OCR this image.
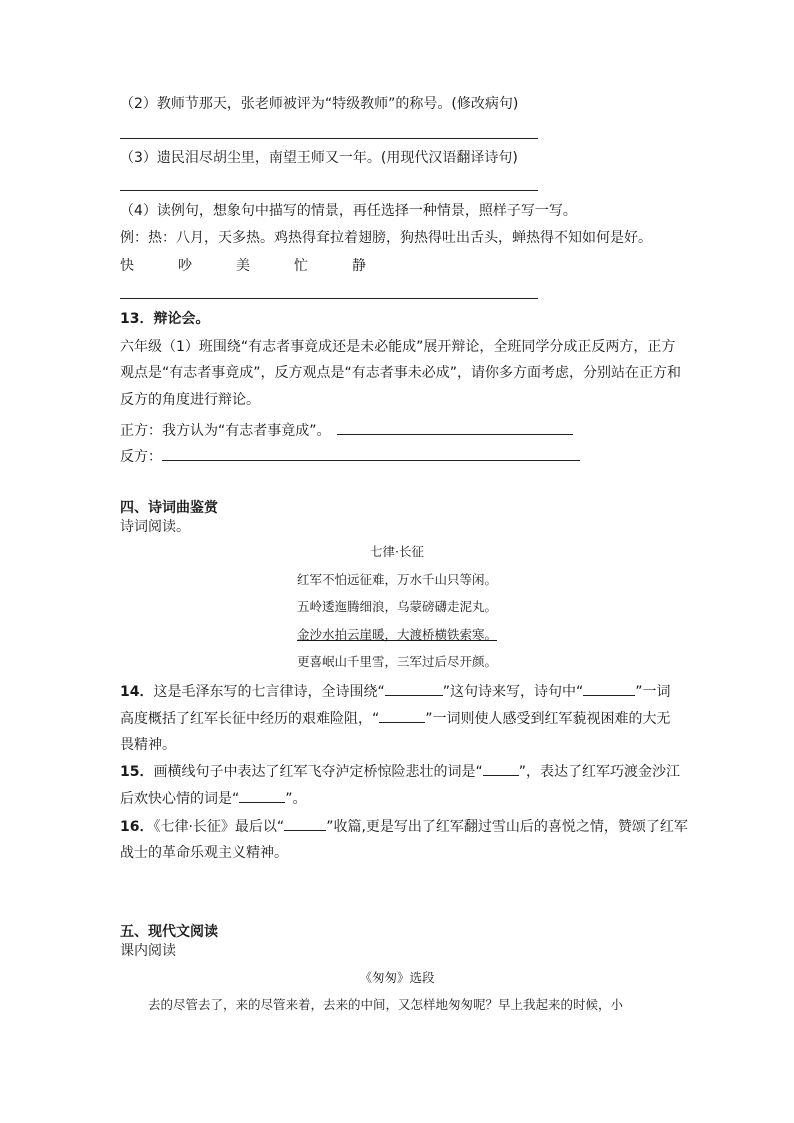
（2）教师节那天，张老师被评为“特级教师”的称号。(修改病句)
（3）遗民泪尽胡尘里，南望王师又一年。(用现代汉语翻译诗句)
（4）读例句，想象句中描写的情景，再任选择一种情景，照样子写一写。
例：热：八月，天多热。鸡热得耷拉着翅膀，狗热得吐出舌头，蝉热得不知如何是好。
快	吵	美	忙	静
13．辩论会。
六年级（1）班围绕“有志者事竟成还是未必能成”展开辩论，全班同学分成正反两方，正方
观点是“有志者事竟成”，反方观点是“有志者事未必成”，请你多方面考虑，分别站在正方和
反方的角度进行辩论。
正方：我方认为“有志者事竟成”。
反方：
四、诗词曲鉴赏
诗词阅读。
七律·长征
红军不怕远征难，万水千山只等闲。
五岭逶迤腾细浪，乌蒙磅礴走泥丸。
金沙水拍云崖暖，大渡桥横铁索寒。
更喜岷山千里雪，三军过后尽开颜。
14．这是毛泽东写的七言律诗，全诗围绕“	”这句诗来写，诗句中“	”一词
高度概括了红军长征中经历的艰难险阻，“	”一词则使人感受到红军藐视困难的大无
畏精神。
15．画横线句子中表达了红军飞夺泸定桥惊险悲壮的词是“	”，表达了红军巧渡金沙江
后欢快心情的词是“	”。
16．《七律·长征》最后以“	”收篇,更是写出了红军翻过雪山后的喜悦之情，赞颂了红军
战士的革命乐观主义精神。
五、现代文阅读
课内阅读
《匆匆》选段
去的尽管去了，来的尽管来着，去来的中间，又怎样地匆匆呢？早上我起来的时候，小
